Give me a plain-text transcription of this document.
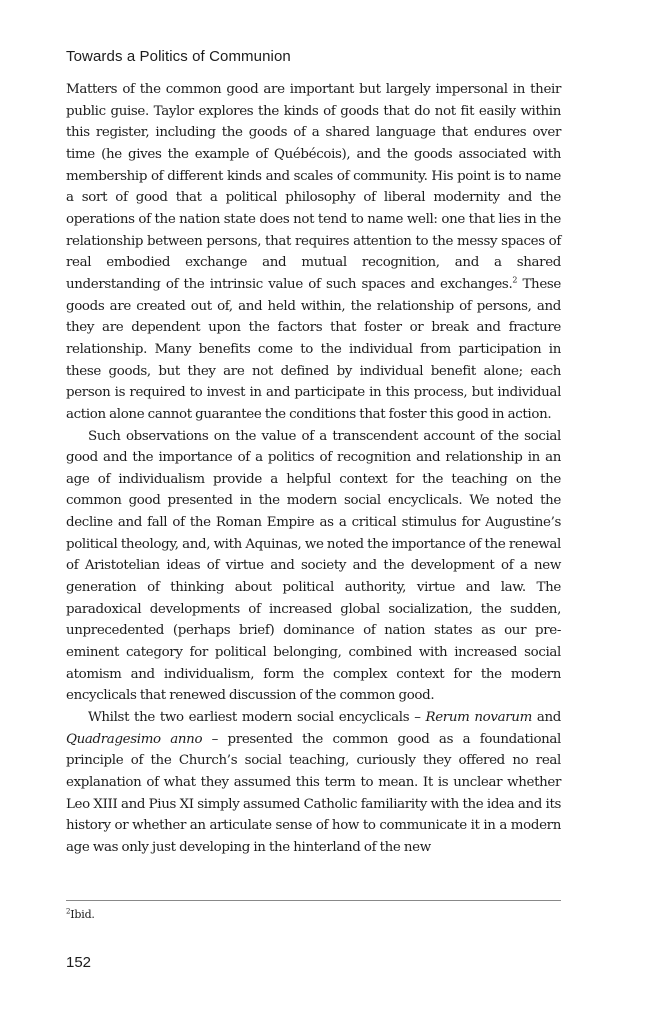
Towards a Politics of Communion

Matters of the common good are important but largely impersonal in their public guise. Taylor explores the kinds of goods that do not fit easily within this register, including the goods of a shared language that endures over time (he gives the example of Québécois), and the goods associated with membership of different kinds and scales of community. His point is to name a sort of good that a political philosophy of liberal modernity and the operations of the nation state does not tend to name well: one that lies in the relationship between persons, that requires attention to the messy spaces of real embodied exchange and mutual recognition, and a shared understanding of the intrinsic value of such spaces and exchanges.$^2$ These goods are created out of, and held within, the relationship of persons, and they are dependent upon the factors that foster or break and fracture relationship. Many benefits come to the individual from participation in these goods, but they are not defined by individual benefit alone; each person is required to invest in and participate in this process, but individual action alone cannot guarantee the conditions that foster this good in action.

Such observations on the value of a transcendent account of the social good and the importance of a politics of recognition and relationship in an age of individualism provide a helpful context for the teaching on the common good presented in the modern social encyclicals. We noted the decline and fall of the Roman Empire as a critical stimulus for Augustine’s political theology, and, with Aquinas, we noted the importance of the renewal of Aristotelian ideas of virtue and society and the development of a new generation of thinking about political authority, virtue and law. The paradoxical developments of increased global socialization, the sudden, unprecedented (perhaps brief) dominance of nation states as our pre-eminent category for political belonging, combined with increased social atomism and individualism, form the complex context for the modern encyclicals that renewed discussion of the common good.

Whilst the two earliest modern social encyclicals – Rerum novarum and Quadragesimo anno – presented the common good as a foundational principle of the Church’s social teaching, curiously they offered no real explanation of what they assumed this term to mean. It is unclear whether Leo XIII and Pius XI simply assumed Catholic familiarity with the idea and its history or whether an articulate sense of how to communicate it in a modern age was only just developing in the hinterland of the new

$^2$Ibid.
152
